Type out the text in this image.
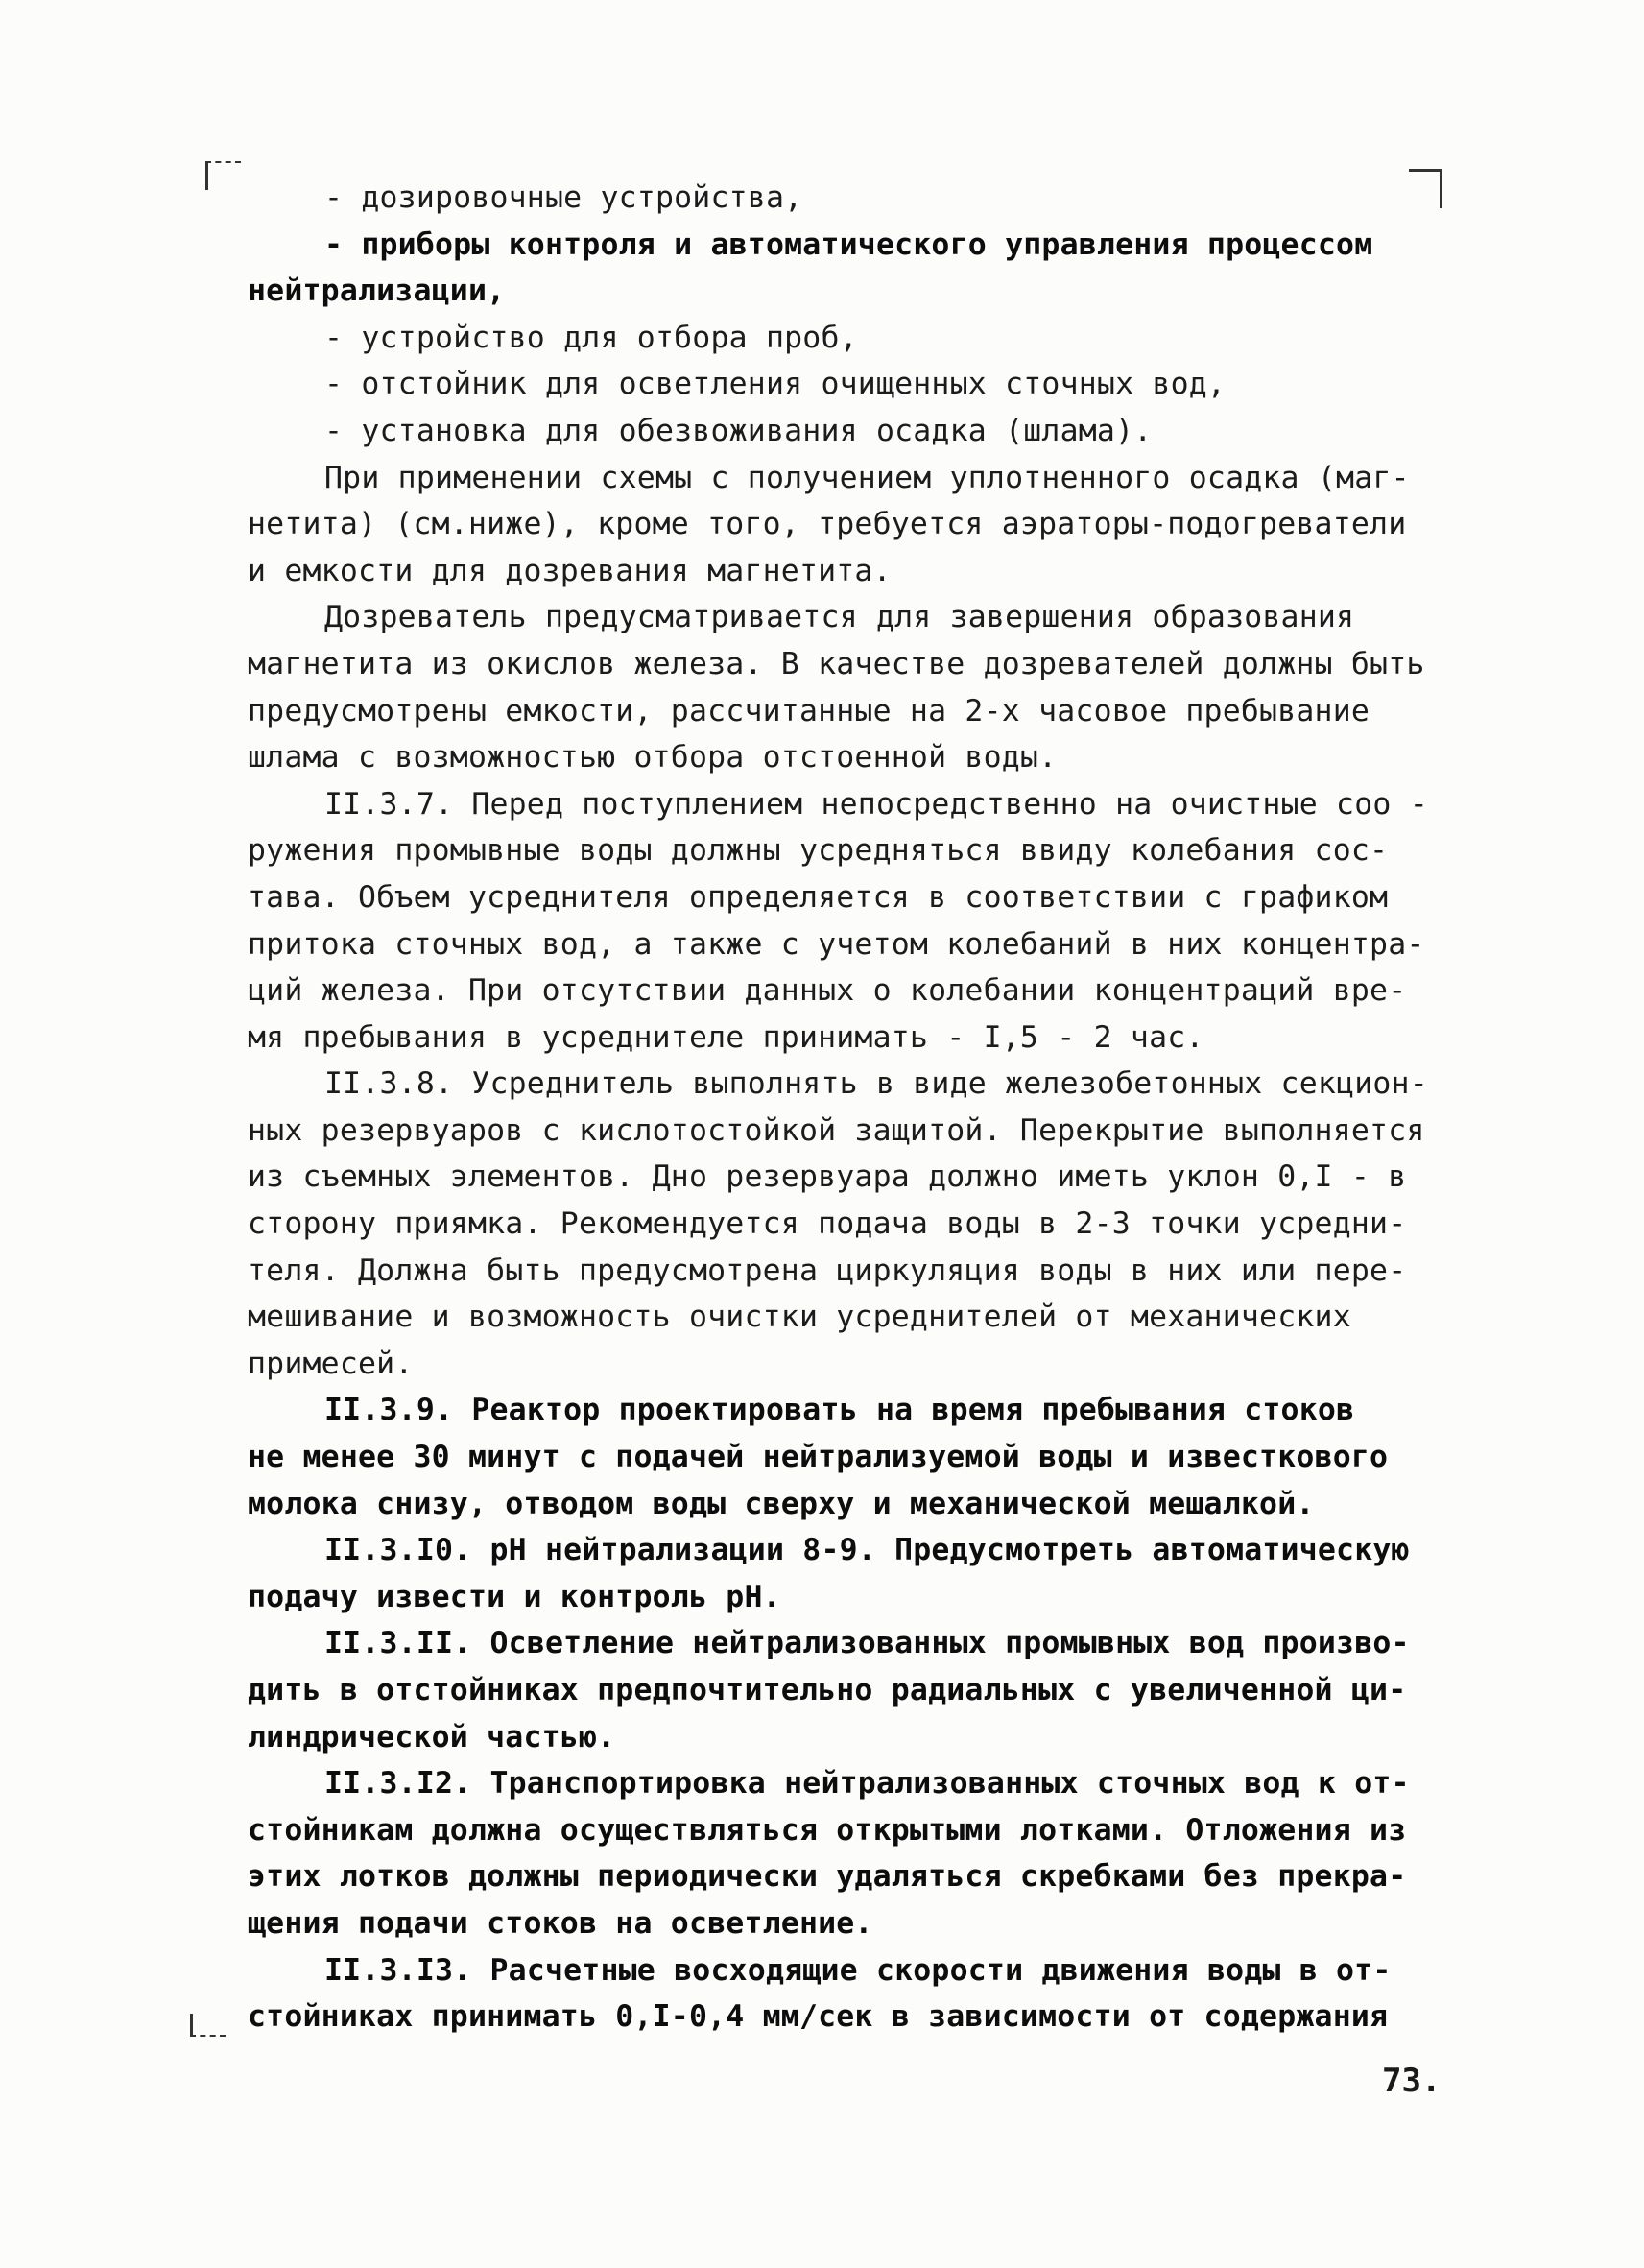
- дозировочные устройства,
- приборы контроля и автоматического управления процессом
нейтрализации,
- устройство для отбора проб,
- отстойник для осветления очищенных сточных вод,
- установка для обезвоживания осадка (шлама).
При применении схемы с получением уплотненного осадка (маг-
нетита) (см.ниже), кроме того, требуется аэраторы-подогреватели
и емкости для дозревания магнетита.
Дозреватель предусматривается для завершения образования
магнетита из окислов железа. В качестве дозревателей должны быть
предусмотрены емкости, рассчитанные на 2-х часовое пребывание
шлама с возможностью отбора отстоенной воды.
II.3.7. Перед поступлением непосредственно на очистные соо -
ружения промывные воды должны усредняться ввиду колебания сос-
тава. Объем усреднителя определяется в соответствии с графиком
притока сточных вод, а также с учетом колебаний в них концентра-
ций железа. При отсутствии данных о колебании концентраций вре-
мя пребывания в усреднителе принимать - I,5 - 2 час.
II.3.8. Усреднитель выполнять в виде железобетонных секцион-
ных резервуаров с кислотостойкой защитой. Перекрытие выполняется
из съемных элементов. Дно резервуара должно иметь уклон 0,I - в
сторону приямка. Рекомендуется подача воды в 2-3 точки усредни-
теля. Должна быть предусмотрена циркуляция воды в них или пере-
мешивание и возможность очистки усреднителей от механических
примесей.
II.3.9. Реактор проектировать на время пребывания стоков
не менее 30 минут с подачей нейтрализуемой воды и известкового
молока снизу, отводом воды сверху и механической мешалкой.
II.3.I0. pH нейтрализации 8-9. Предусмотреть автоматическую
подачу извести и контроль pH.
II.3.II. Осветление нейтрализованных промывных вод произво-
дить в отстойниках предпочтительно радиальных с увеличенной ци-
линдрической частью.
II.3.I2. Транспортировка нейтрализованных сточных вод к от-
стойникам должна осуществляться открытыми лотками. Отложения из
этих лотков должны периодически удаляться скребками без прекра-
щения подачи стоков на осветление.
II.3.I3. Расчетные восходящие скорости движения воды в от-
стойниках принимать 0,I-0,4 мм/сек в зависимости от содержания
73.
